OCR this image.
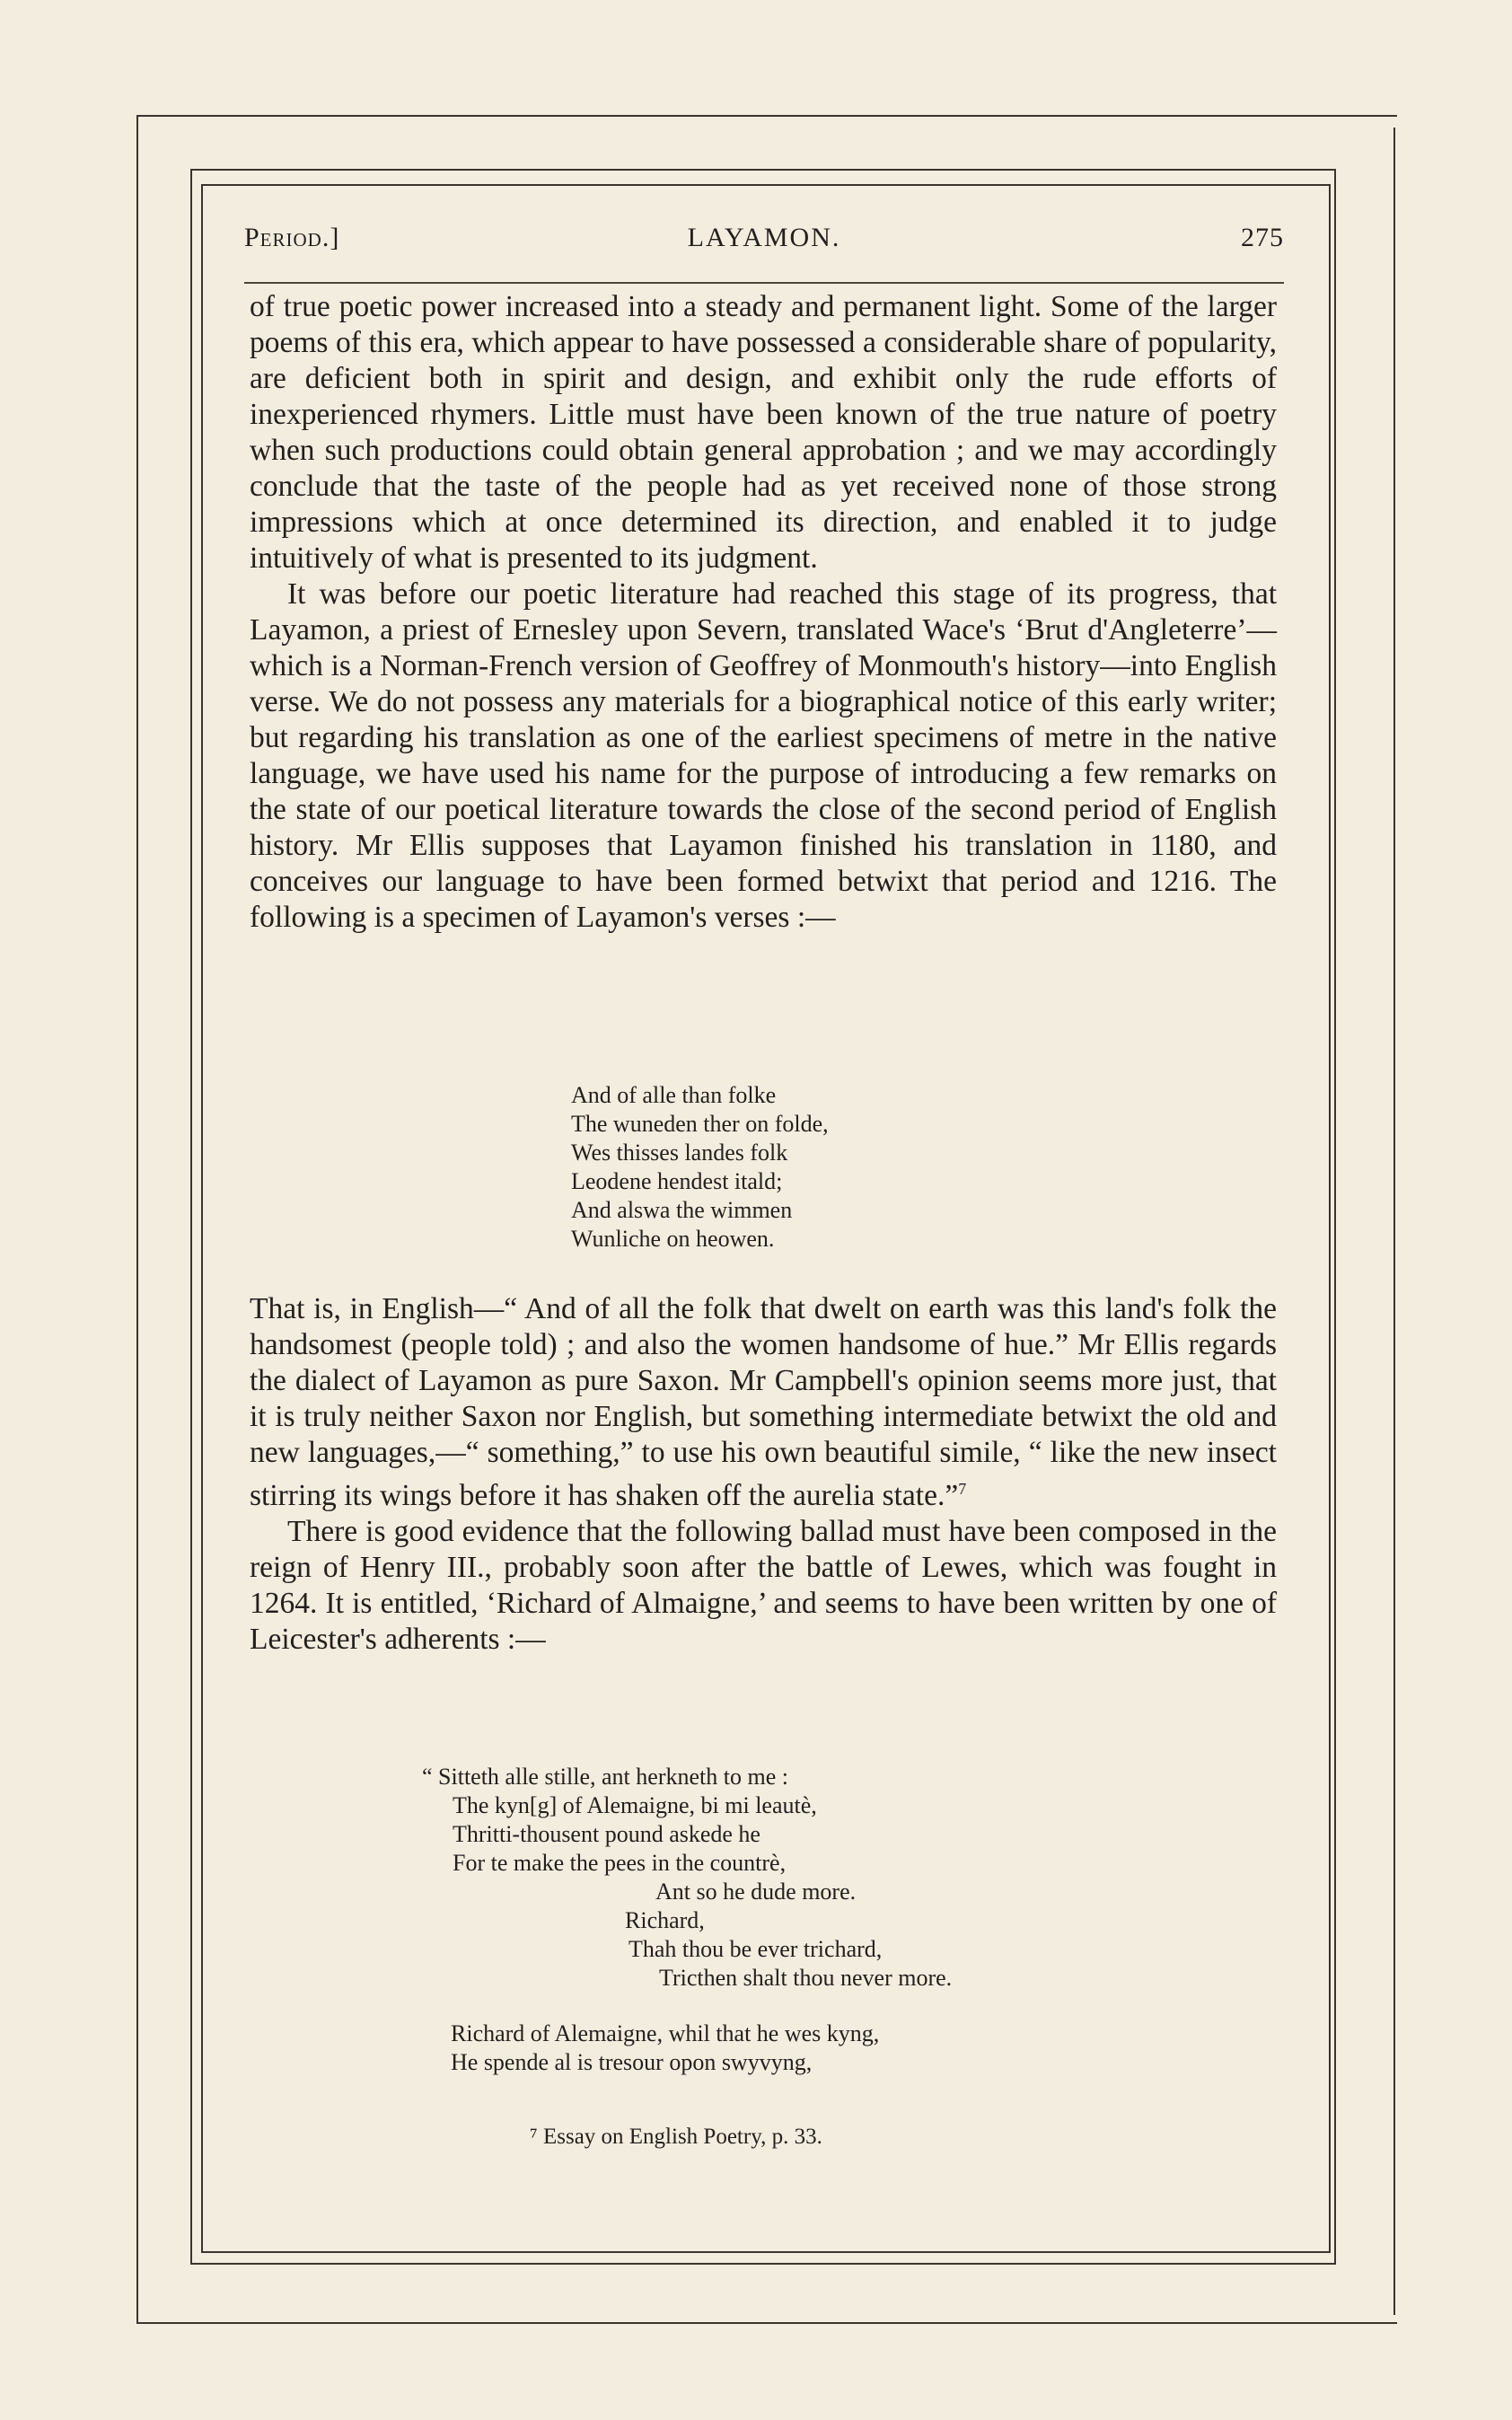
Period.]	LAYAMON.	275

of true poetic power increased into a steady and permanent light. Some of the larger poems of this era, which appear to have possessed a considerable share of popularity, are deficient both in spirit and design, and exhibit only the rude efforts of inexperienced rhymers. Little must have been known of the true nature of poetry when such productions could obtain general approbation ; and we may accordingly conclude that the taste of the people had as yet received none of those strong impressions which at once determined its direction, and enabled it to judge intuitively of what is presented to its judgment.

It was before our poetic literature had reached this stage of its progress, that Layamon, a priest of Ernesley upon Severn, translated Wace's ‘Brut d'Angleterre’—which is a Norman-French version of Geoffrey of Monmouth's history—into English verse. We do not possess any materials for a biographical notice of this early writer; but regarding his translation as one of the earliest specimens of metre in the native language, we have used his name for the purpose of introducing a few remarks on the state of our poetical literature towards the close of the second period of English history. Mr Ellis supposes that Layamon finished his translation in 1180, and conceives our language to have been formed betwixt that period and 1216. The following is a specimen of Layamon's verses :—

And of alle than folke
The wuneden ther on folde,
Wes thisses landes folk
Leodene hendest itald;
And alswa the wimmen
Wunliche on heowen.

That is, in English—“ And of all the folk that dwelt on earth was this land's folk the handsomest (people told) ; and also the women handsome of hue.” Mr Ellis regards the dialect of Layamon as pure Saxon. Mr Campbell's opinion seems more just, that it is truly neither Saxon nor English, but something intermediate betwixt the old and new languages,—“ something,” to use his own beautiful simile, “ like the new insect stirring its wings before it has shaken off the aurelia state.”$^7$

There is good evidence that the following ballad must have been composed in the reign of Henry III., probably soon after the battle of Lewes, which was fought in 1264. It is entitled, ‘Richard of Almaigne,’ and seems to have been written by one of Leicester's adherents :—

“ Sitteth alle stille, ant herkneth to me :
The kyn[g] of Alemaigne, bi mi leautè,
Thritti-thousent pound askede he
For te make the pees in the countrè,
Ant so he dude more.
Richard,
Thah thou be ever trichard,
Tricthen shalt thou never more.
Richard of Alemaigne, whil that he wes kyng,
He spende al is tresour opon swyvyng,
⁷ Essay on English Poetry, p. 33.
